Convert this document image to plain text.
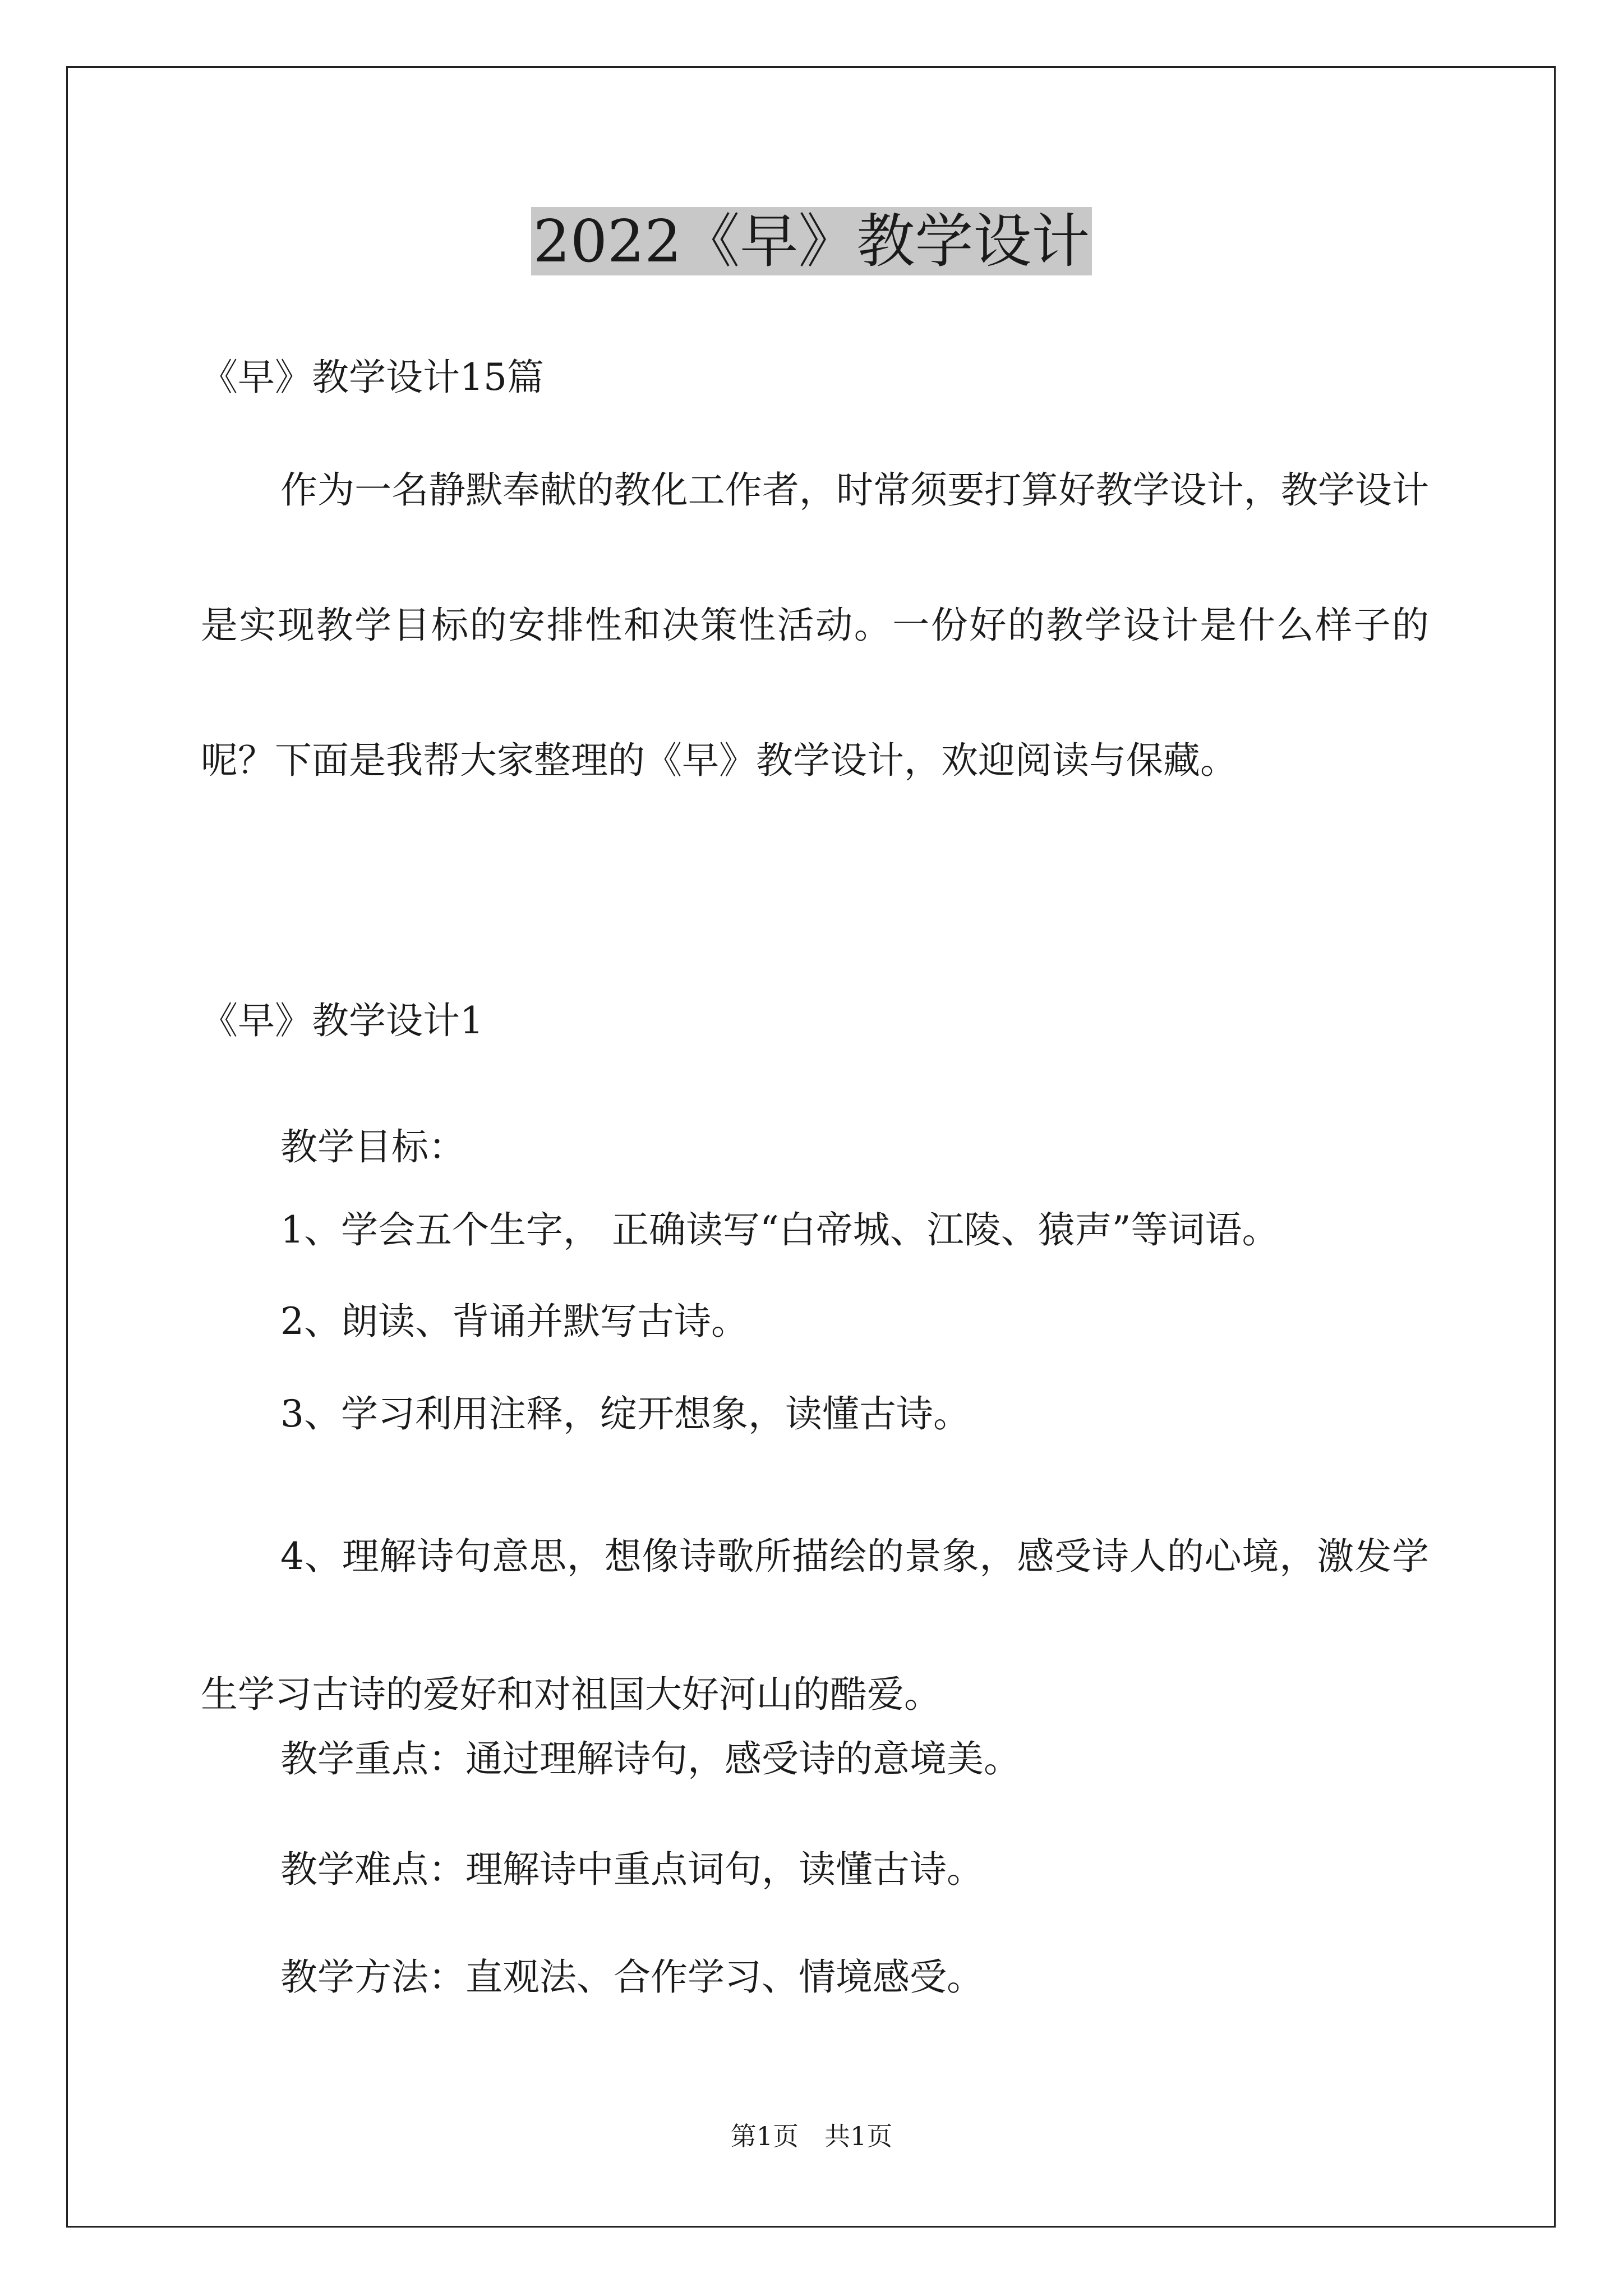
2022《早》教学设计
《早》教学设计15篇
作为一名静默奉献的教化工作者，时常须要打算好教学设计，教学设计是实现教学目标的安排性和决策性活动。一份好的教学设计是什么样子的呢？下面是我帮大家整理的《早》教学设计，欢迎阅读与保藏。
《早》教学设计1
教学目标：
1、学会五个生字， 正确读写“白帝城、江陵、猿声”等词语。
2、朗读、背诵并默写古诗。
3、学习利用注释，绽开想象，读懂古诗。
4、理解诗句意思，想像诗歌所描绘的景象，感受诗人的心境，激发学生学习古诗的爱好和对祖国大好河山的酷爱。
教学重点：通过理解诗句，感受诗的意境美。
教学难点：理解诗中重点词句，读懂古诗。
教学方法：直观法、合作学习、情境感受。
第1页　共1页
